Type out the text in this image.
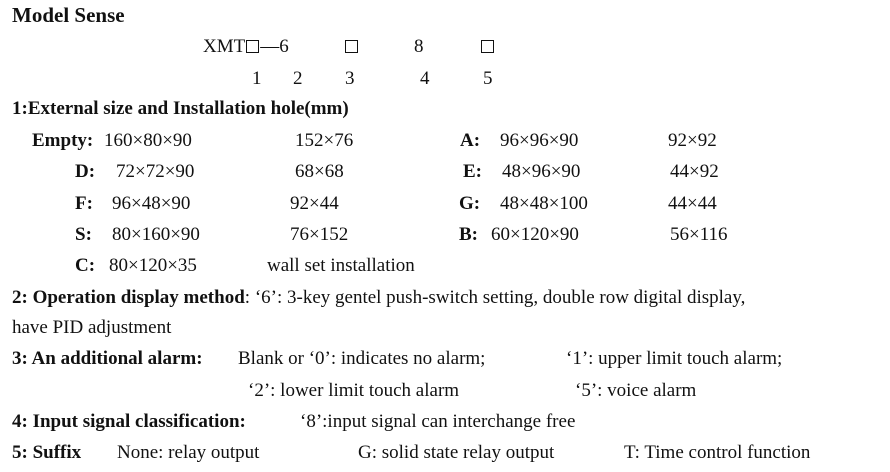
Model Sense
XMT —6	8
1 2 3	4	5
1:External size and Installation hole(mm)
Empty: 160×80×90	152×76	A: 96×96×90	92×92
D: 72×72×90	68×68	E: 48×96×90	44×92
F: 96×48×90	92×44	G: 48×48×100	44×44
S: 80×160×90	76×152	B: 60×120×90	56×116
C: 80×120×35	wall set installation
2: Operation display method: ‘6’: 3-key gentel push-switch setting, double row digital display,
have PID adjustment
3: An additional alarm: Blank or ‘0’: indicates no alarm;	‘1’: upper limit touch alarm;
‘2’: lower limit touch alarm	‘5’: voice alarm
4: Input signal classification:	‘8’:input signal can interchange free
5: Suffix None: relay output	G: solid state relay output	T: Time control function
